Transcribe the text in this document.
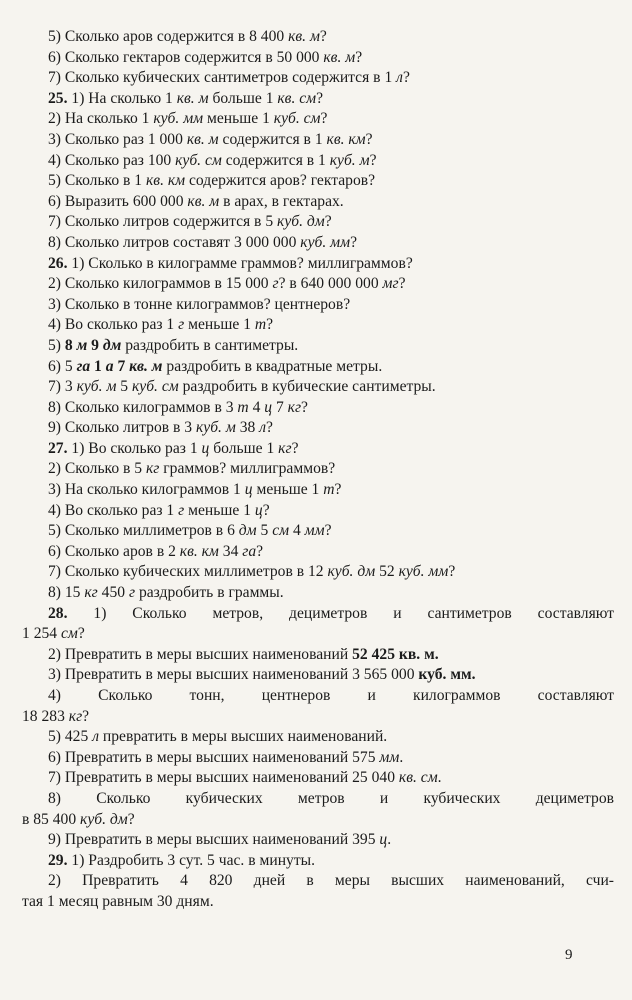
5) Сколько аров содержится в 8 400 кв. м?
6) Сколько гектаров содержится в 50 000 кв. м?
7) Сколько кубических сантиметров содержится в 1 л?
25. 1) На сколько 1 кв. м больше 1 кв. см?
2) На сколько 1 куб. мм меньше 1 куб. см?
3) Сколько раз 1 000 кв. м содержится в 1 кв. км?
4) Сколько раз 100 куб. см содержится в 1 куб. м?
5) Сколько в 1 кв. км содержится аров? гектаров?
6) Выразить 600 000 кв. м в арах, в гектарах.
7) Сколько литров содержится в 5 куб. дм?
8) Сколько литров составят 3 000 000 куб. мм?
26. 1) Сколько в килограмме граммов? миллиграммов?
2) Сколько килограммов в 15 000 г? в 640 000 000 мг?
3) Сколько в тонне килограммов? центнеров?
4) Во сколько раз 1 г меньше 1 т?
5) 8 м 9 дм раздробить в сантиметры.
6) 5 га 1 а 7 кв. м раздробить в квадратные метры.
7) 3 куб. м 5 куб. см раздробить в кубические сантиметры.
8) Сколько килограммов в 3 т 4 ц 7 кг?
9) Сколько литров в 3 куб. м 38 л?
27. 1) Во сколько раз 1 ц больше 1 кг?
2) Сколько в 5 кг граммов? миллиграммов?
3) На сколько килограммов 1 ц меньше 1 т?
4) Во сколько раз 1 г меньше 1 ц?
5) Сколько миллиметров в 6 дм 5 см 4 мм?
6) Сколько аров в 2 кв. км 34 га?
7) Сколько кубических миллиметров в 12 куб. дм 52 куб. мм?
8) 15 кг 450 г раздробить в граммы.
28. 1) Сколько метров, дециметров и сантиметров составляют
1 254 см?
2) Превратить в меры высших наименований 52 425 кв. м.
3) Превратить в меры высших наименований 3 565 000 куб. мм.
4) Сколько тонн, центнеров и килограммов составляют
18 283 кг?
5) 425 л превратить в меры высших наименований.
6) Превратить в меры высших наименований 575 мм.
7) Превратить в меры высших наименований 25 040 кв. см.
8) Сколько кубических метров и кубических дециметров
в 85 400 куб. дм?
9) Превратить в меры высших наименований 395 ц.
29. 1) Раздробить 3 сут. 5 час. в минуты.
2) Превратить 4 820 дней в меры высших наименований, счи-
тая 1 месяц равным 30 дням.
9
